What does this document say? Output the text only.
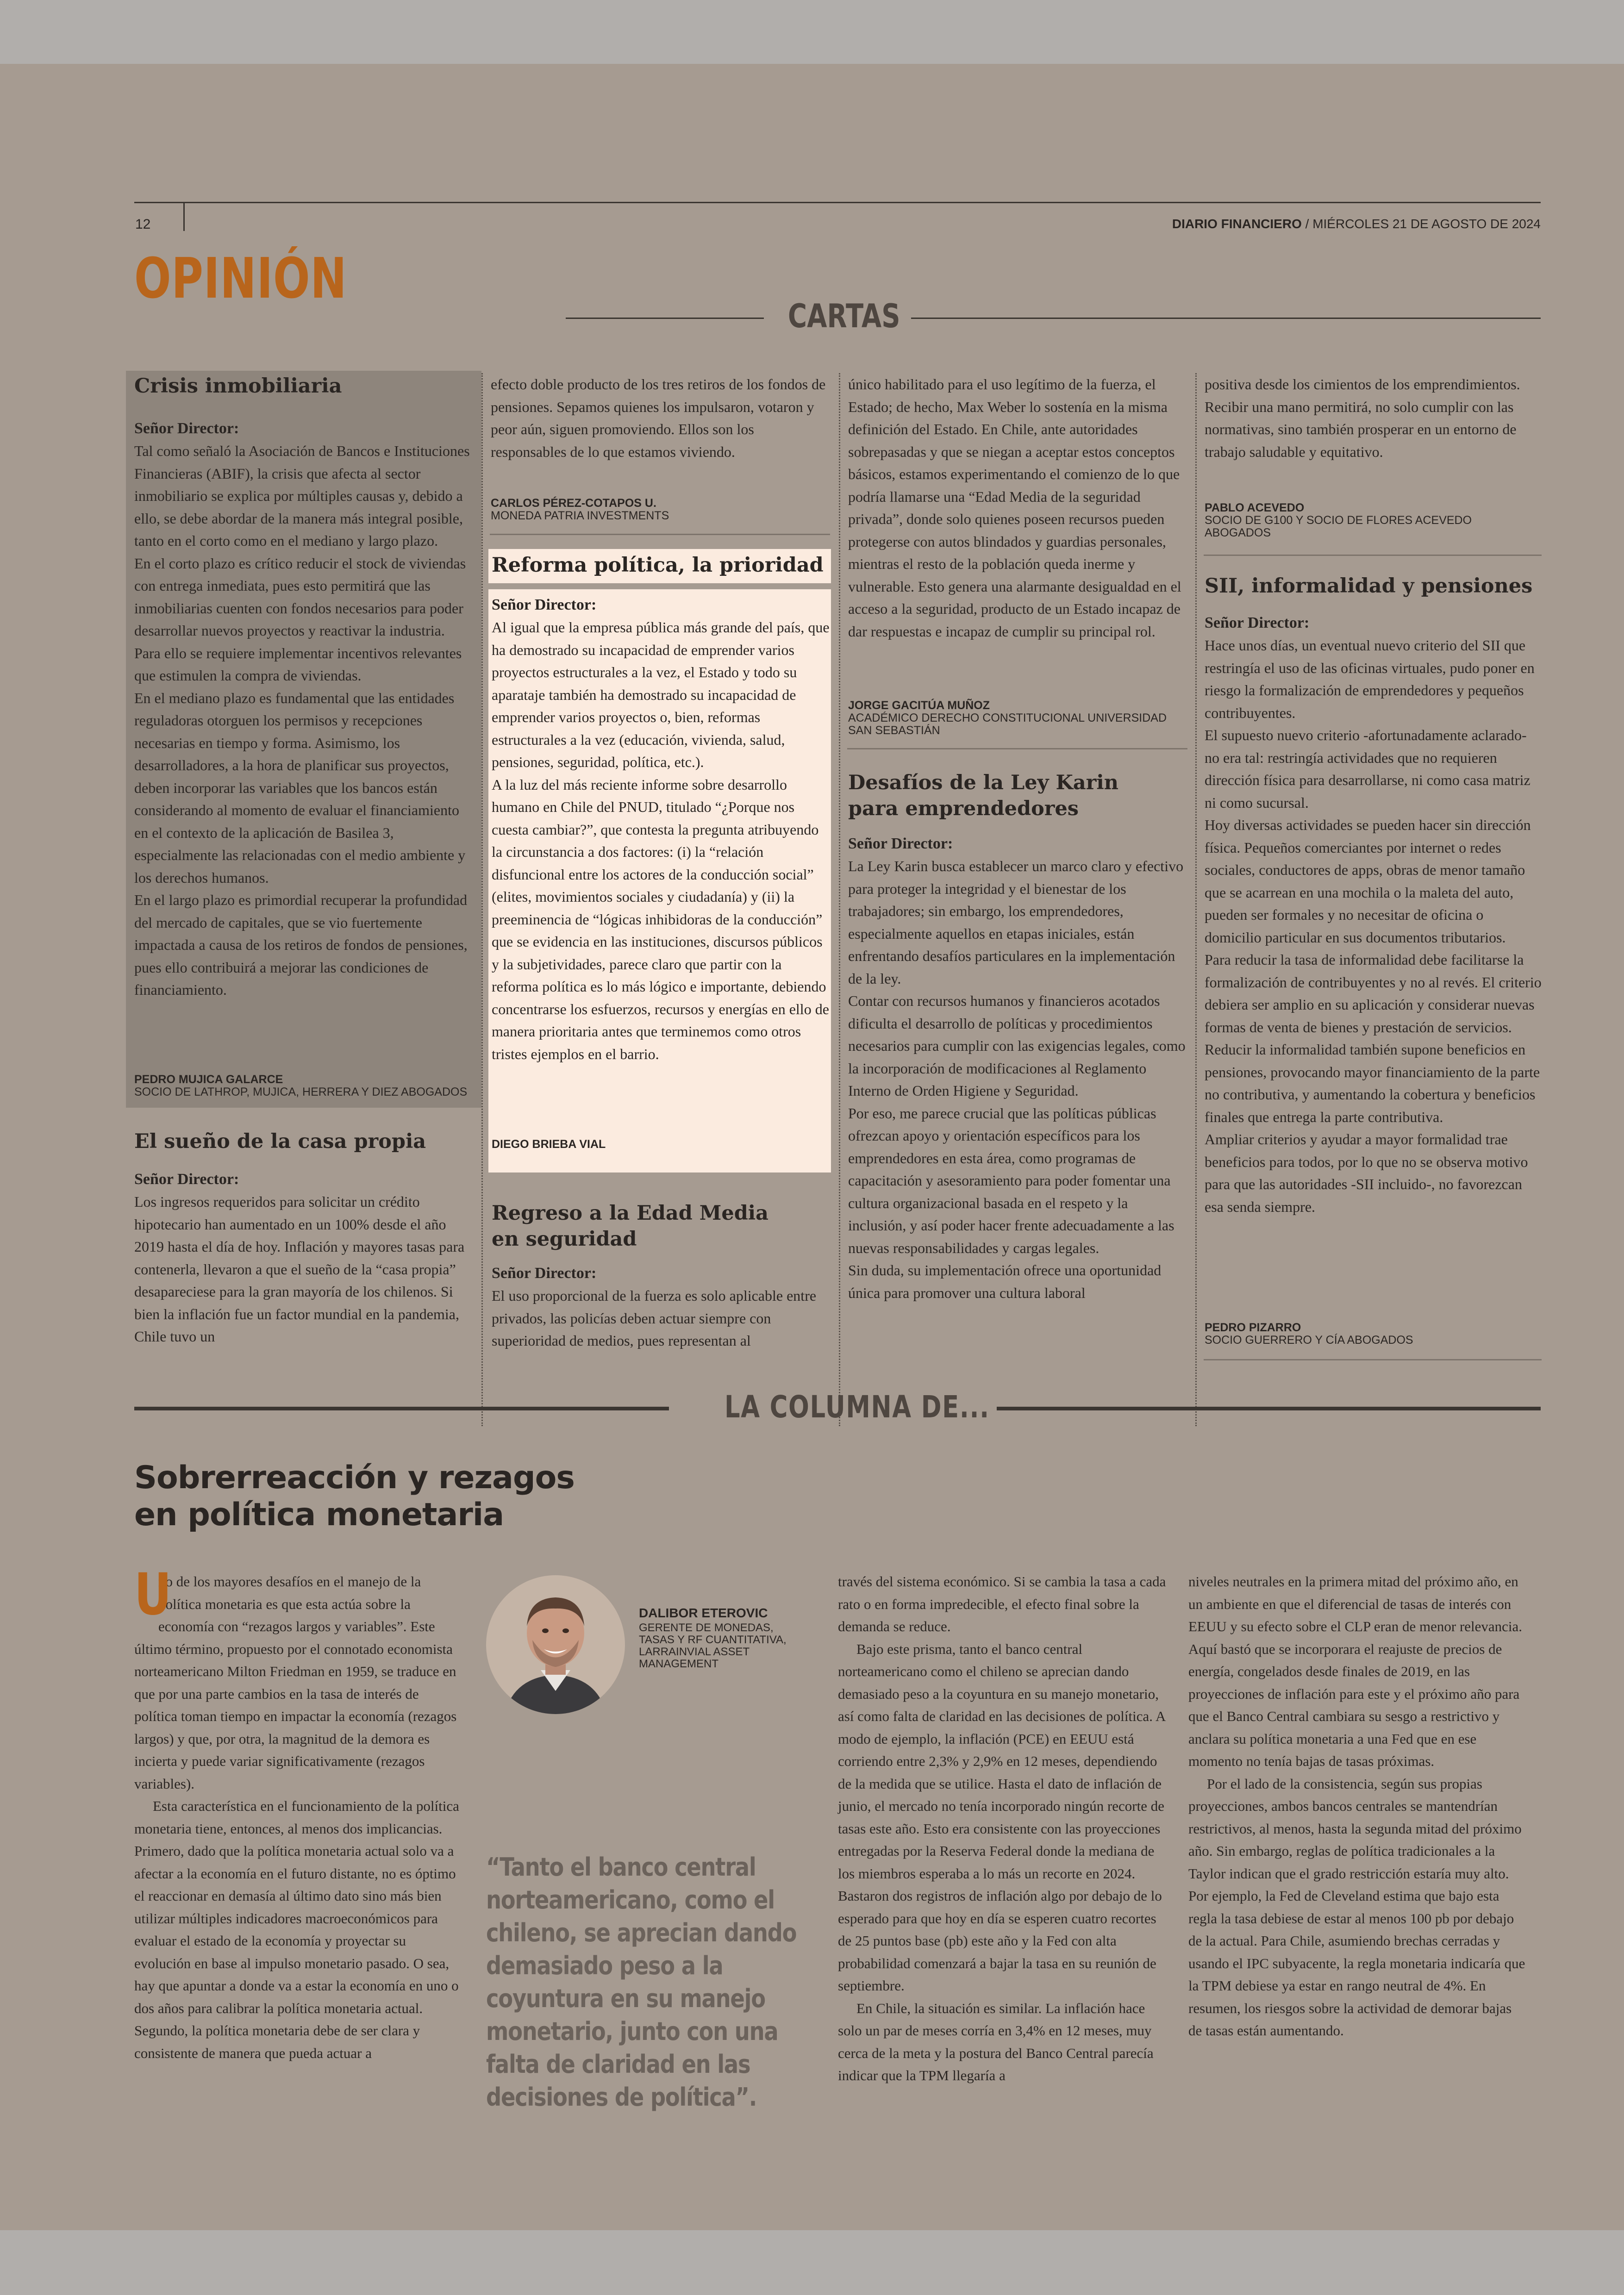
12	DIARIO FINANCIERO / MIÉRCOLES 21 DE AGOSTO DE 2024
OPINIÓN
CARTAS
Crisis inmobiliaria
Señor Director:

Tal como señaló la Asociación de Bancos e Instituciones Financieras (ABIF), la crisis que afecta al sector inmobiliario se explica por múltiples causas y, debido a ello, se debe abordar de la manera más integral posible, tanto en el corto como en el mediano y largo plazo.

En el corto plazo es crítico reducir el stock de viviendas con entrega inmediata, pues esto permitirá que las inmobiliarias cuenten con fondos necesarios para poder desarrollar nuevos proyectos y reactivar la industria. Para ello se requiere implementar incentivos relevantes que estimulen la compra de viviendas.

En el mediano plazo es fundamental que las entidades reguladoras otorguen los permisos y recepciones necesarias en tiempo y forma. Asimismo, los desarrolladores, a la hora de planificar sus proyectos, deben incorporar las variables que los bancos están considerando al momento de evaluar el financiamiento en el contexto de la aplicación de Basilea 3, especialmente las relacionadas con el medio ambiente y los derechos humanos.

En el largo plazo es primordial recuperar la profundidad del mercado de capitales, que se vio fuertemente impactada a causa de los retiros de fondos de pensiones, pues ello contribuirá a mejorar las condiciones de financiamiento.

PEDRO MUJICA GALARCE
SOCIO DE LATHROP, MUJICA, HERRERA Y DIEZ ABOGADOS
El sueño de la casa propia
Señor Director:

Los ingresos requeridos para solicitar un crédito hipotecario han aumentado en un 100% desde el año 2019 hasta el día de hoy. Inflación y mayores tasas para contenerla, llevaron a que el sueño de la “casa propia” desapareciese para la gran mayoría de los chilenos. Si bien la inflación fue un factor mundial en la pandemia, Chile tuvo un

efecto doble producto de los tres retiros de los fondos de pensiones. Sepamos quienes los impulsaron, votaron y peor aún, siguen promoviendo. Ellos son los responsables de lo que estamos viviendo.

CARLOS PÉREZ-COTAPOS U.
MONEDA PATRIA INVESTMENTS
Reforma política, la prioridad
Señor Director:

Al igual que la empresa pública más grande del país, que ha demostrado su incapacidad de emprender varios proyectos estructurales a la vez, el Estado y todo su aparataje también ha demostrado su incapacidad de emprender varios proyectos o, bien, reformas estructurales a la vez (educación, vivienda, salud, pensiones, seguridad, política, etc.).

A la luz del más reciente informe sobre desarrollo humano en Chile del PNUD, titulado “¿Porque nos cuesta cambiar?”, que contesta la pregunta atribuyendo la circunstancia a dos factores: (i) la “relación disfuncional entre los actores de la conducción social” (elites, movimientos sociales y ciudadanía) y (ii) la preeminencia de “lógicas inhibidoras de la conducción” que se evidencia en las instituciones, discursos públicos y la subjetividades, parece claro que partir con la reforma política es lo más lógico e importante, debiendo concentrarse los esfuerzos, recursos y energías en ello de manera prioritaria antes que terminemos como otros tristes ejemplos en el barrio.

DIEGO BRIEBA VIAL
Regreso a la Edad Media
en seguridad
Señor Director:

El uso proporcional de la fuerza es solo aplicable entre privados, las policías deben actuar siempre con superioridad de medios, pues representan al

único habilitado para el uso legítimo de la fuerza, el Estado; de hecho, Max Weber lo sostenía en la misma definición del Estado. En Chile, ante autoridades sobrepasadas y que se niegan a aceptar estos conceptos básicos, estamos experimentando el comienzo de lo que podría llamarse una “Edad Media de la seguridad privada”, donde solo quienes poseen recursos pueden protegerse con autos blindados y guardias personales, mientras el resto de la población queda inerme y vulnerable. Esto genera una alarmante desigualdad en el acceso a la seguridad, producto de un Estado incapaz de dar respuestas e incapaz de cumplir su principal rol.

JORGE GACITÚA MUÑOZ
ACADÉMICO DERECHO CONSTITUCIONAL UNIVERSIDAD
SAN SEBASTIÁN
Desafíos de la Ley Karin
para emprendedores
Señor Director:

La Ley Karin busca establecer un marco claro y efectivo para proteger la integridad y el bienestar de los trabajadores; sin embargo, los emprendedores, especialmente aquellos en etapas iniciales, están enfrentando desafíos particulares en la implementación de la ley.

Contar con recursos humanos y financieros acotados dificulta el desarrollo de políticas y procedimientos necesarios para cumplir con las exigencias legales, como la incorporación de modificaciones al Reglamento Interno de Orden Higiene y Seguridad.

Por eso, me parece crucial que las políticas públicas ofrezcan apoyo y orientación específicos para los emprendedores en esta área, como programas de capacitación y asesoramiento para poder fomentar una cultura organizacional basada en el respeto y la inclusión, y así poder hacer frente adecuadamente a las nuevas responsabilidades y cargas legales.

Sin duda, su implementación ofrece una oportunidad única para promover una cultura laboral

positiva desde los cimientos de los emprendimientos. Recibir una mano permitirá, no solo cumplir con las normativas, sino también prosperar en un entorno de trabajo saludable y equitativo.

PABLO ACEVEDO
SOCIO DE G100 Y SOCIO DE FLORES ACEVEDO
ABOGADOS
SII, informalidad y pensiones
Señor Director:

Hace unos días, un eventual nuevo criterio del SII que restringía el uso de las oficinas virtuales, pudo poner en riesgo la formalización de emprendedores y pequeños contribuyentes.

El supuesto nuevo criterio -afortunadamente aclarado- no era tal: restringía actividades que no requieren dirección física para desarrollarse, ni como casa matriz ni como sucursal.

Hoy diversas actividades se pueden hacer sin dirección física. Pequeños comerciantes por internet o redes sociales, conductores de apps, obras de menor tamaño que se acarrean en una mochila o la maleta del auto, pueden ser formales y no necesitar de oficina o domicilio particular en sus documentos tributarios.

Para reducir la tasa de informalidad debe facilitarse la formalización de contribuyentes y no al revés. El criterio debiera ser amplio en su aplicación y considerar nuevas formas de venta de bienes y prestación de servicios.

Reducir la informalidad también supone beneficios en pensiones, provocando mayor financiamiento de la parte no contributiva, y aumentando la cobertura y beneficios finales que entrega la parte contributiva.

Ampliar criterios y ayudar a mayor formalidad trae beneficios para todos, por lo que no se observa motivo para que las autoridades -SII incluido-, no favorezcan esa senda siempre.

PEDRO PIZARRO
SOCIO GUERRERO Y CÍA ABOGADOS
LA COLUMNA DE...
Sobrerreacción y rezagos
en política monetaria
U

no de los mayores desafíos en el manejo de la política monetaria es que esta actúa sobre la economía con “rezagos largos y variables”. Este último término, propuesto por el connotado economista norteamericano Milton Friedman en 1959, se traduce en que por una parte cambios en la tasa de interés de política toman tiempo en impactar la economía (rezagos largos) y que, por otra, la magnitud de la demora es incierta y puede variar significativamente (rezagos variables).

Esta característica en el funcionamiento de la política monetaria tiene, entonces, al menos dos implicancias. Primero, dado que la política monetaria actual solo va a afectar a la economía en el futuro distante, no es óptimo el reaccionar en demasía al último dato sino más bien utilizar múltiples indicadores macroeconómicos para evaluar el estado de la economía y proyectar su evolución en base al impulso monetario pasado. O sea, hay que apuntar a donde va a estar la economía en uno o dos años para calibrar la política monetaria actual. Segundo, la política monetaria debe de ser clara y consistente de manera que pueda actuar a

DALIBOR ETEROVIC
GERENTE DE MONEDAS,
TASAS Y RF CUANTITATIVA,
LARRAINVIAL ASSET
MANAGEMENT
“Tanto el banco central norteamericano, como el chileno, se aprecian dando demasiado peso a la coyuntura en su manejo monetario, junto con una falta de claridad en las decisiones de política”.

través del sistema económico. Si se cambia la tasa a cada rato o en forma impredecible, el efecto final sobre la demanda se reduce.

Bajo este prisma, tanto el banco central norteamericano como el chileno se aprecian dando demasiado peso a la coyuntura en su manejo monetario, así como falta de claridad en las decisiones de política. A modo de ejemplo, la inflación (PCE) en EEUU está corriendo entre 2,3% y 2,9% en 12 meses, dependiendo de la medida que se utilice. Hasta el dato de inflación de junio, el mercado no tenía incorporado ningún recorte de tasas este año. Esto era consistente con las proyecciones entregadas por la Reserva Federal donde la mediana de los miembros esperaba a lo más un recorte en 2024. Bastaron dos registros de inflación algo por debajo de lo esperado para que hoy en día se esperen cuatro recortes de 25 puntos base (pb) este año y la Fed con alta probabilidad comenzará a bajar la tasa en su reunión de septiembre.

En Chile, la situación es similar. La inflación hace solo un par de meses corría en 3,4% en 12 meses, muy cerca de la meta y la postura del Banco Central parecía indicar que la TPM llegaría a

niveles neutrales en la primera mitad del próximo año, en un ambiente en que el diferencial de tasas de interés con EEUU y su efecto sobre el CLP eran de menor relevancia. Aquí bastó que se incorporara el reajuste de precios de energía, congelados desde finales de 2019, en las proyecciones de inflación para este y el próximo año para que el Banco Central cambiara su sesgo a restrictivo y anclara su política monetaria a una Fed que en ese momento no tenía bajas de tasas próximas.

Por el lado de la consistencia, según sus propias proyecciones, ambos bancos centrales se mantendrían restrictivos, al menos, hasta la segunda mitad del próximo año. Sin embargo, reglas de política tradicionales a la Taylor indican que el grado restricción estaría muy alto. Por ejemplo, la Fed de Cleveland estima que bajo esta regla la tasa debiese de estar al menos 100 pb por debajo de la actual. Para Chile, asumiendo brechas cerradas y usando el IPC subyacente, la regla monetaria indicaría que la TPM debiese ya estar en rango neutral de 4%. En resumen, los riesgos sobre la actividad de demorar bajas de tasas están aumentando.
